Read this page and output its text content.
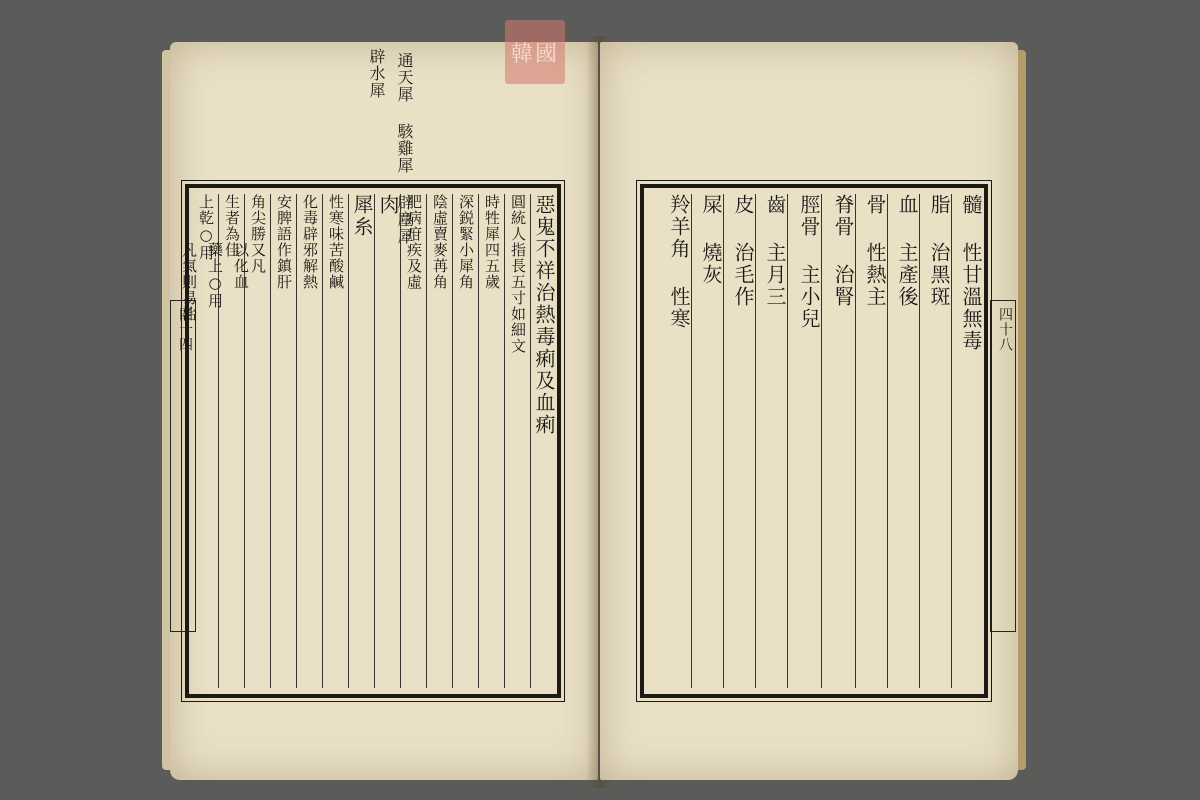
通天犀 駭雞犀 辟塵犀
辟水犀
四十四	惡鬼不祥治熱毒痢及血痢
圓統人指長五寸如細文
時牲犀四五歲
深鋭緊小犀角
陰虛賣麥苒角
肥病疳疾及虛
肉
犀糸
性寒味苦酸鹹
化毒辟邪解熱
安脾語作鎮肝
角尖勝又凡
生者為佳
上乾○用
藥上○用 以化血
凡氣則易治
四十八
髓 性甘溫無毒
脂 治黑斑
血 主產後
骨 性熱主
脊骨 治腎
脛骨 主小兒
齒 主月三
皮 治毛作
屎 燒灰
羚羊角 性寒
韓國
